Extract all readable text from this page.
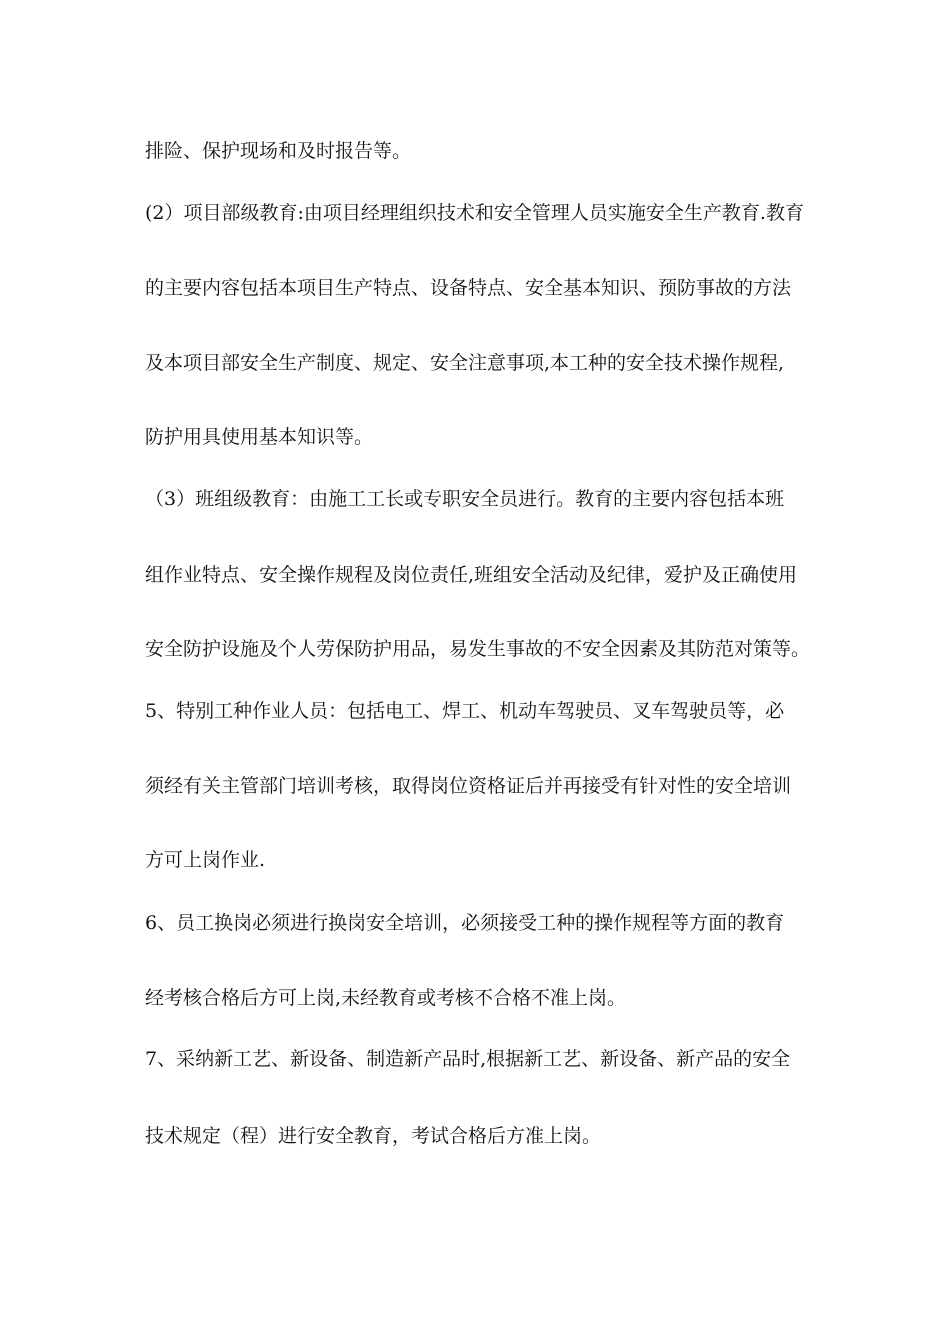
排险、保护现场和及时报告等。

(2）项目部级教育:由项目经理组织技术和安全管理人员实施安全生产教育.教育

的主要内容包括本项目生产特点、设备特点、安全基本知识、预防事故的方法

及本项目部安全生产制度、规定、安全注意事项,本工种的安全技术操作规程,

防护用具使用基本知识等。

（3）班组级教育：由施工工长或专职安全员进行。教育的主要内容包括本班

组作业特点、安全操作规程及岗位责任,班组安全活动及纪律，爱护及正确使用

安全防护设施及个人劳保防护用品，易发生事故的不安全因素及其防范对策等。

5、特别工种作业人员：包括电工、焊工、机动车驾驶员、叉车驾驶员等，必

须经有关主管部门培训考核，取得岗位资格证后并再接受有针对性的安全培训

方可上岗作业.

6、员工换岗必须进行换岗安全培训，必须接受工种的操作规程等方面的教育

经考核合格后方可上岗,未经教育或考核不合格不准上岗。

7、采纳新工艺、新设备、制造新产品时,根据新工艺、新设备、新产品的安全

技术规定（程）进行安全教育，考试合格后方准上岗。
